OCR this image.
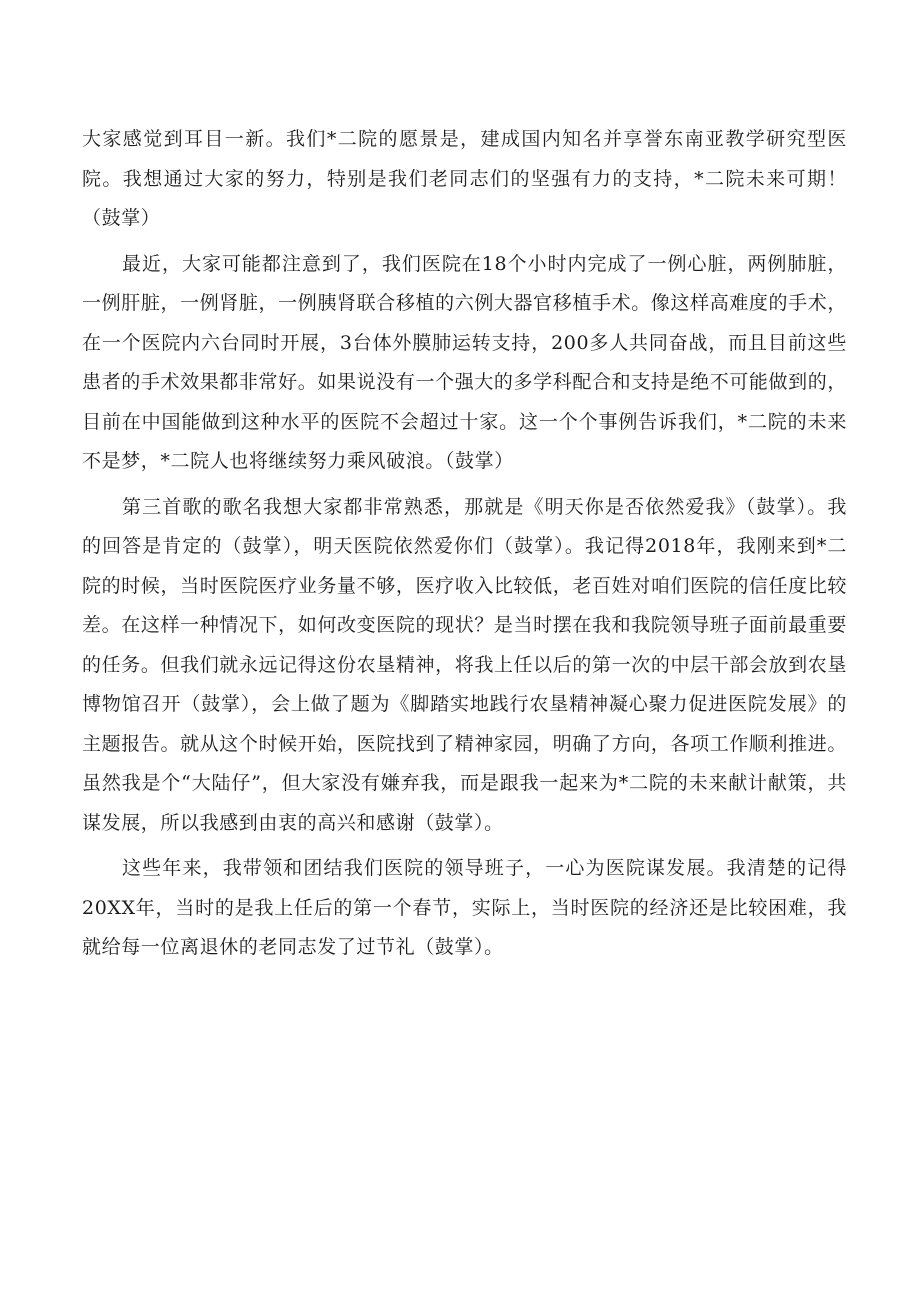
大家感觉到耳目一新。我们*二院的愿景是，建成国内知名并享誉东南亚教学研究型医院。我想通过大家的努力，特别是我们老同志们的坚强有力的支持，*二院未来可期！（鼓掌）

最近，大家可能都注意到了，我们医院在18个小时内完成了一例心脏，两例肺脏，一例肝脏，一例肾脏，一例胰肾联合移植的六例大器官移植手术。像这样高难度的手术，在一个医院内六台同时开展，3台体外膜肺运转支持，200多人共同奋战，而且目前这些患者的手术效果都非常好。如果说没有一个强大的多学科配合和支持是绝不可能做到的，目前在中国能做到这种水平的医院不会超过十家。这一个个事例告诉我们，*二院的未来不是梦，*二院人也将继续努力乘风破浪。（鼓掌）

第三首歌的歌名我想大家都非常熟悉，那就是《明天你是否依然爱我》（鼓掌）。我的回答是肯定的（鼓掌），明天医院依然爱你们（鼓掌）。我记得2018年，我刚来到*二院的时候，当时医院医疗业务量不够，医疗收入比较低，老百姓对咱们医院的信任度比较差。在这样一种情况下，如何改变医院的现状？是当时摆在我和我院领导班子面前最重要的任务。但我们就永远记得这份农垦精神，将我上任以后的第一次的中层干部会放到农垦博物馆召开（鼓掌），会上做了题为《脚踏实地践行农垦精神凝心聚力促进医院发展》的主题报告。就从这个时候开始，医院找到了精神家园，明确了方向，各项工作顺利推进。虽然我是个“大陆仔”，但大家没有嫌弃我，而是跟我一起来为*二院的未来献计献策，共谋发展，所以我感到由衷的高兴和感谢（鼓掌）。

这些年来，我带领和团结我们医院的领导班子，一心为医院谋发展。我清楚的记得20XX年，当时的是我上任后的第一个春节，实际上，当时医院的经济还是比较困难，我就给每一位离退休的老同志发了过节礼（鼓掌）。
